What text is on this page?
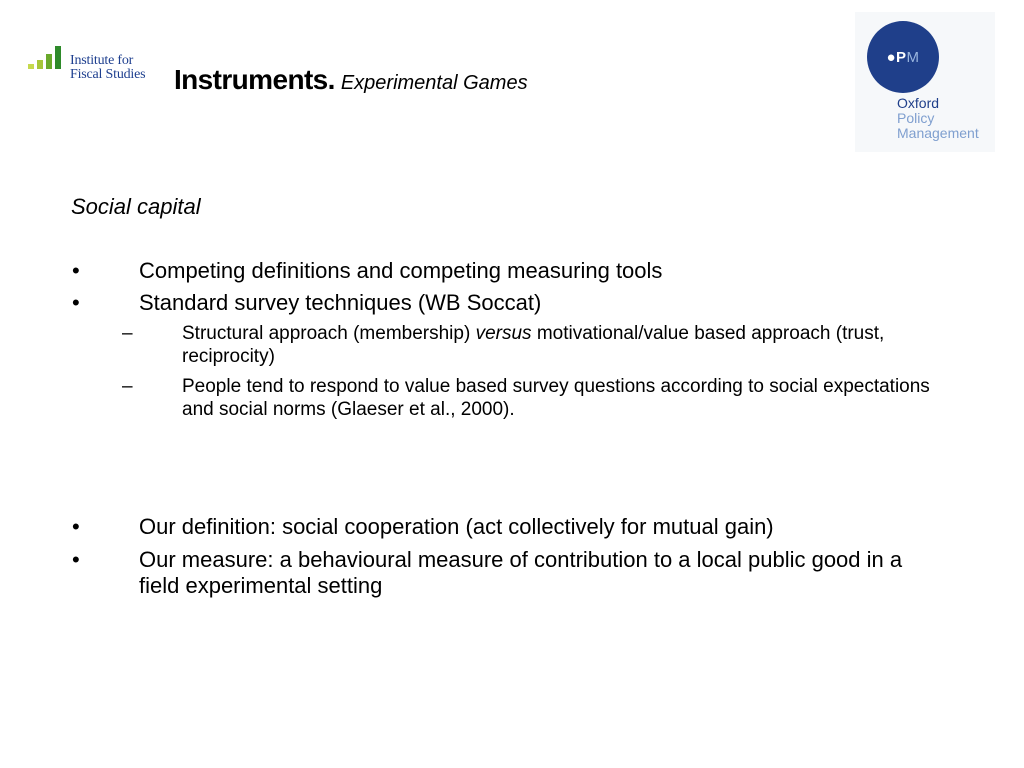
Institute for
Fiscal Studies	Instruments. Experimental Games
●P M
Oxford
Policy
Management
Social capital
•	Competing definitions and competing measuring tools
•	Standard survey techniques (WB Soccat)
–	Structural approach (membership) versus motivational/value based approach (trust, reciprocity)
–	People tend to respond to value based survey questions according to social expectations and social norms (Glaeser et al., 2000).
•	Our definition: social cooperation (act collectively for mutual gain)
•	Our measure: a behavioural measure of contribution to a local public good in a field experimental setting
